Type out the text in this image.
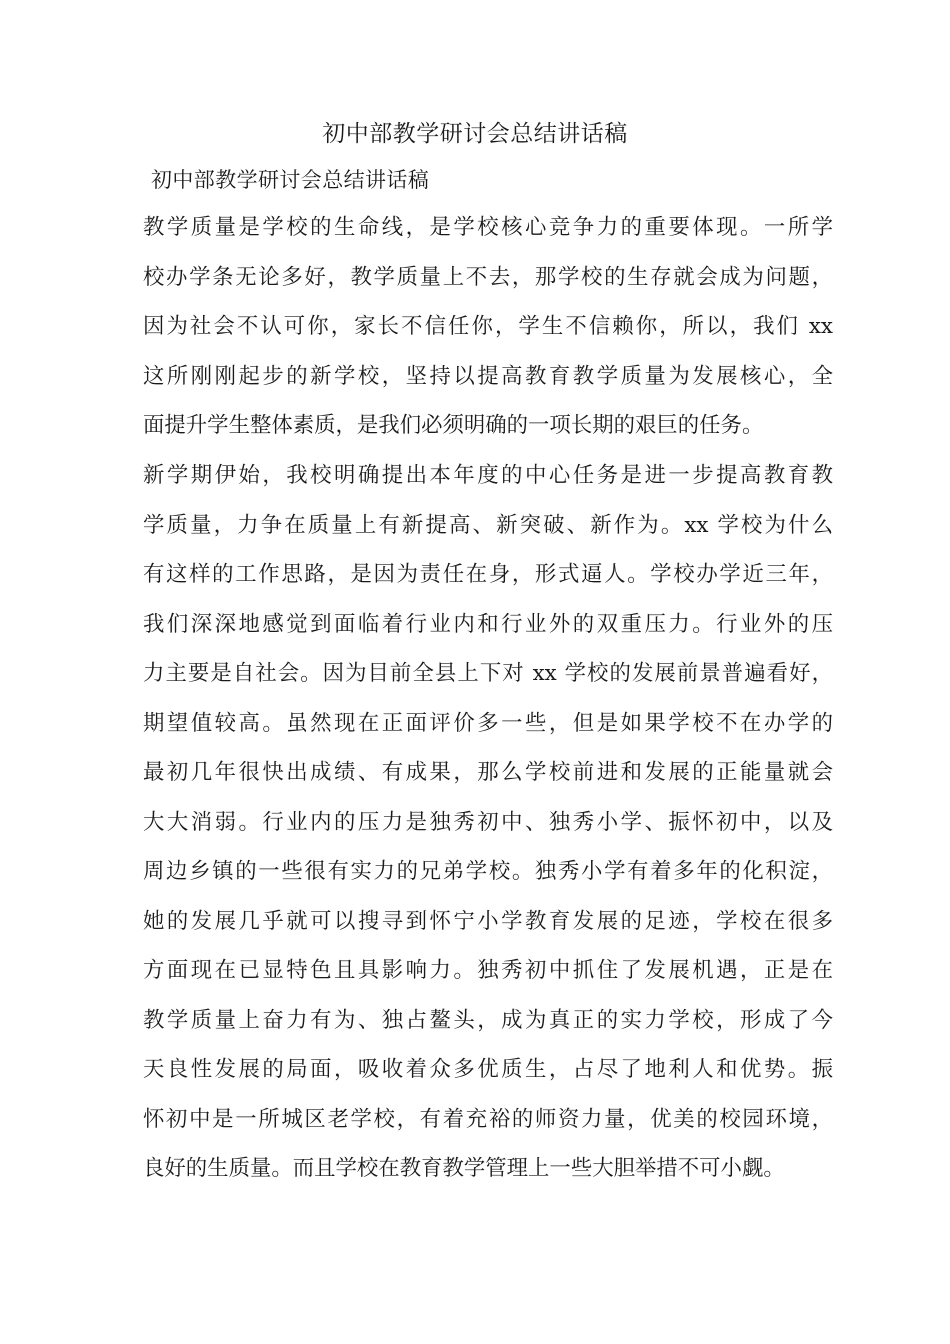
初中部教学研讨会总结讲话稿
初中部教学研讨会总结讲话稿
教学质量是学校的生命线，是学校核心竞争力的重要体现。一所学
校办学条无论多好，教学质量上不去，那学校的生存就会成为问题，
因为社会不认可你，家长不信任你，学生不信赖你，所以，我们 xx
这所刚刚起步的新学校，坚持以提高教育教学质量为发展核心，全
面提升学生整体素质，是我们必须明确的一项长期的艰巨的任务。
新学期伊始，我校明确提出本年度的中心任务是进一步提高教育教
学质量，力争在质量上有新提高、新突破、新作为。xx 学校为什么
有这样的工作思路，是因为责任在身，形式逼人。学校办学近三年，
我们深深地感觉到面临着行业内和行业外的双重压力。行业外的压
力主要是自社会。因为目前全县上下对 xx 学校的发展前景普遍看好，
期望值较高。虽然现在正面评价多一些，但是如果学校不在办学的
最初几年很快出成绩、有成果，那么学校前进和发展的正能量就会
大大消弱。行业内的压力是独秀初中、独秀小学、振怀初中，以及
周边乡镇的一些很有实力的兄弟学校。独秀小学有着多年的化积淀，
她的发展几乎就可以搜寻到怀宁小学教育发展的足迹，学校在很多
方面现在已显特色且具影响力。独秀初中抓住了发展机遇，正是在
教学质量上奋力有为、独占鳌头，成为真正的实力学校，形成了今
天良性发展的局面，吸收着众多优质生，占尽了地利人和优势。振
怀初中是一所城区老学校，有着充裕的师资力量，优美的校园环境，
良好的生质量。而且学校在教育教学管理上一些大胆举措不可小觑。
